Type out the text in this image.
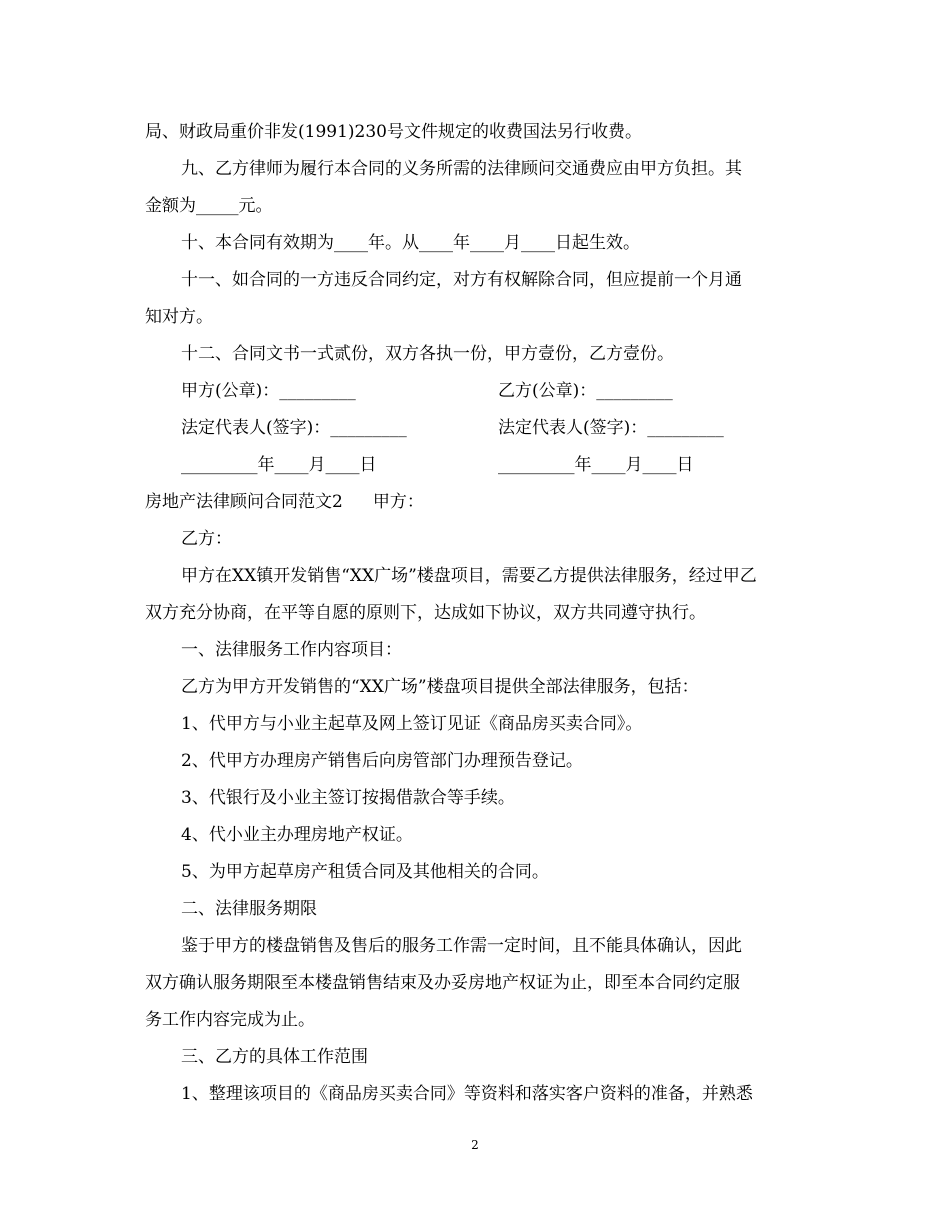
局、财政局重价非发(1991)230号文件规定的收费国法另行收费。
九、乙方律师为履行本合同的义务所需的法律顾问交通费应由甲方负担。其
金额为_____元。
十、本合同有效期为____年。从____年____月____日起生效。
十一、如合同的一方违反合同约定，对方有权解除合同，但应提前一个月通
知对方。
十二、合同文书一式贰份，双方各执一份，甲方壹份，乙方壹份。
甲方(公章)：_________	乙方(公章)：_________
法定代表人(签字)：_________	法定代表人(签字)：_________
_________年____月____日	_________年____月____日
房地产法律顾问合同范文2 甲方：
乙方：
甲方在XX镇开发销售“XX广场”楼盘项目，需要乙方提供法律服务，经过甲乙
双方充分协商，在平等自愿的原则下，达成如下协议，双方共同遵守执行。
一、法律服务工作内容项目：
乙方为甲方开发销售的“XX广场”楼盘项目提供全部法律服务，包括：
1、代甲方与小业主起草及网上签订见证《商品房买卖合同》。
2、代甲方办理房产销售后向房管部门办理预告登记。
3、代银行及小业主签订按揭借款合等手续。
4、代小业主办理房地产权证。
5、为甲方起草房产租赁合同及其他相关的合同。
二、法律服务期限
鉴于甲方的楼盘销售及售后的服务工作需一定时间，且不能具体确认，因此
双方确认服务期限至本楼盘销售结束及办妥房地产权证为止，即至本合同约定服
务工作内容完成为止。
三、乙方的具体工作范围
1、整理该项目的《商品房买卖合同》等资料和落实客户资料的准备，并熟悉
2
